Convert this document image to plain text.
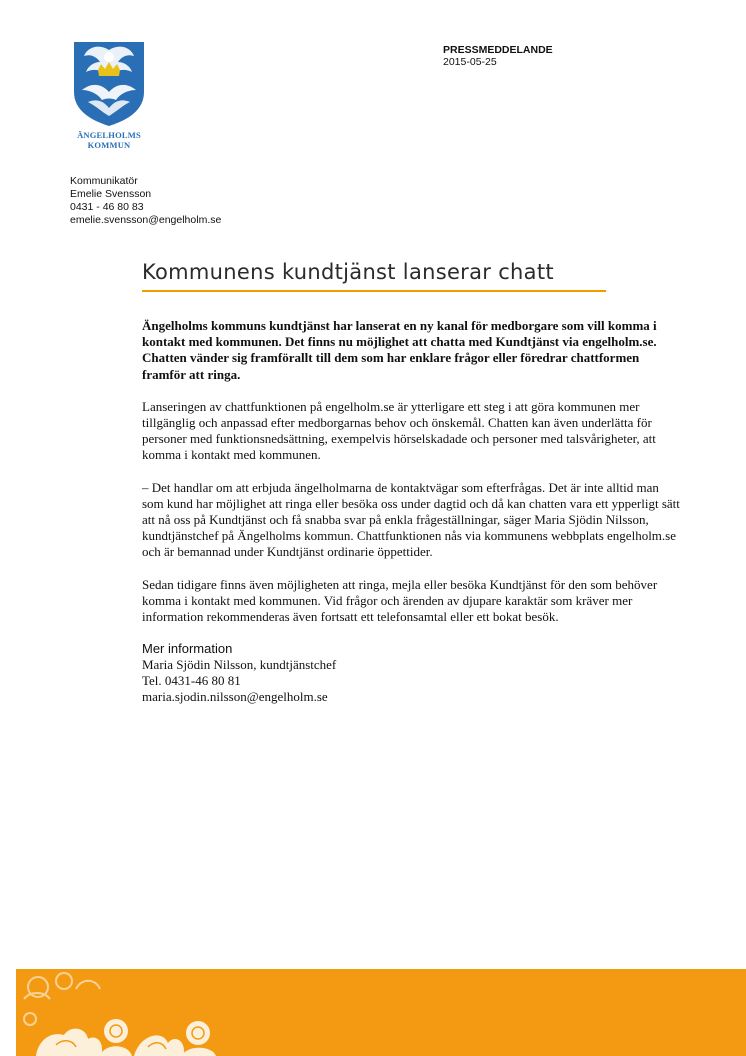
ÄNGELHOLMS
KOMMUN
PRESSMEDDELANDE
2015-05-25
Kommunikatör
Emelie Svensson
0431 - 46 80 83
emelie.svensson@engelholm.se
Kommunens kundtjänst lanserar chatt

Ängelholms kommuns kundtjänst har lanserat en ny kanal för medborgare som vill komma i kontakt med kommunen. Det finns nu möjlighet att chatta med Kundtjänst via engelholm.se. Chatten vänder sig framförallt till dem som har enklare frågor eller föredrar chattformen framför att ringa.

Lanseringen av chattfunktionen på engelholm.se är ytterligare ett steg i att göra kommunen mer tillgänglig och anpassad efter medborgarnas behov och önskemål. Chatten kan även underlätta för personer med funktionsnedsättning, exempelvis hörselskadade och personer med talsvårigheter, att komma i kontakt med kommunen.

– Det handlar om att erbjuda ängelholmarna de kontaktvägar som efterfrågas. Det är inte alltid man som kund har möjlighet att ringa eller besöka oss under dagtid och då kan chatten vara ett ypperligt sätt att nå oss på Kundtjänst och få snabba svar på enkla frågeställningar, säger Maria Sjödin Nilsson, kundtjänstchef på Ängelholms kommun. Chattfunktionen nås via kommunens webbplats engelholm.se och är bemannad under Kundtjänst ordinarie öppettider.

Sedan tidigare finns även möjligheten att ringa, mejla eller besöka Kundtjänst för den som behöver komma i kontakt med kommunen. Vid frågor och ärenden av djupare karaktär som kräver mer information rekommenderas även fortsatt ett telefonsamtal eller ett bokat besök.

Mer information
Maria Sjödin Nilsson, kundtjänstchef
Tel. 0431-46 80 81
maria.sjodin.nilsson@engelholm.se
